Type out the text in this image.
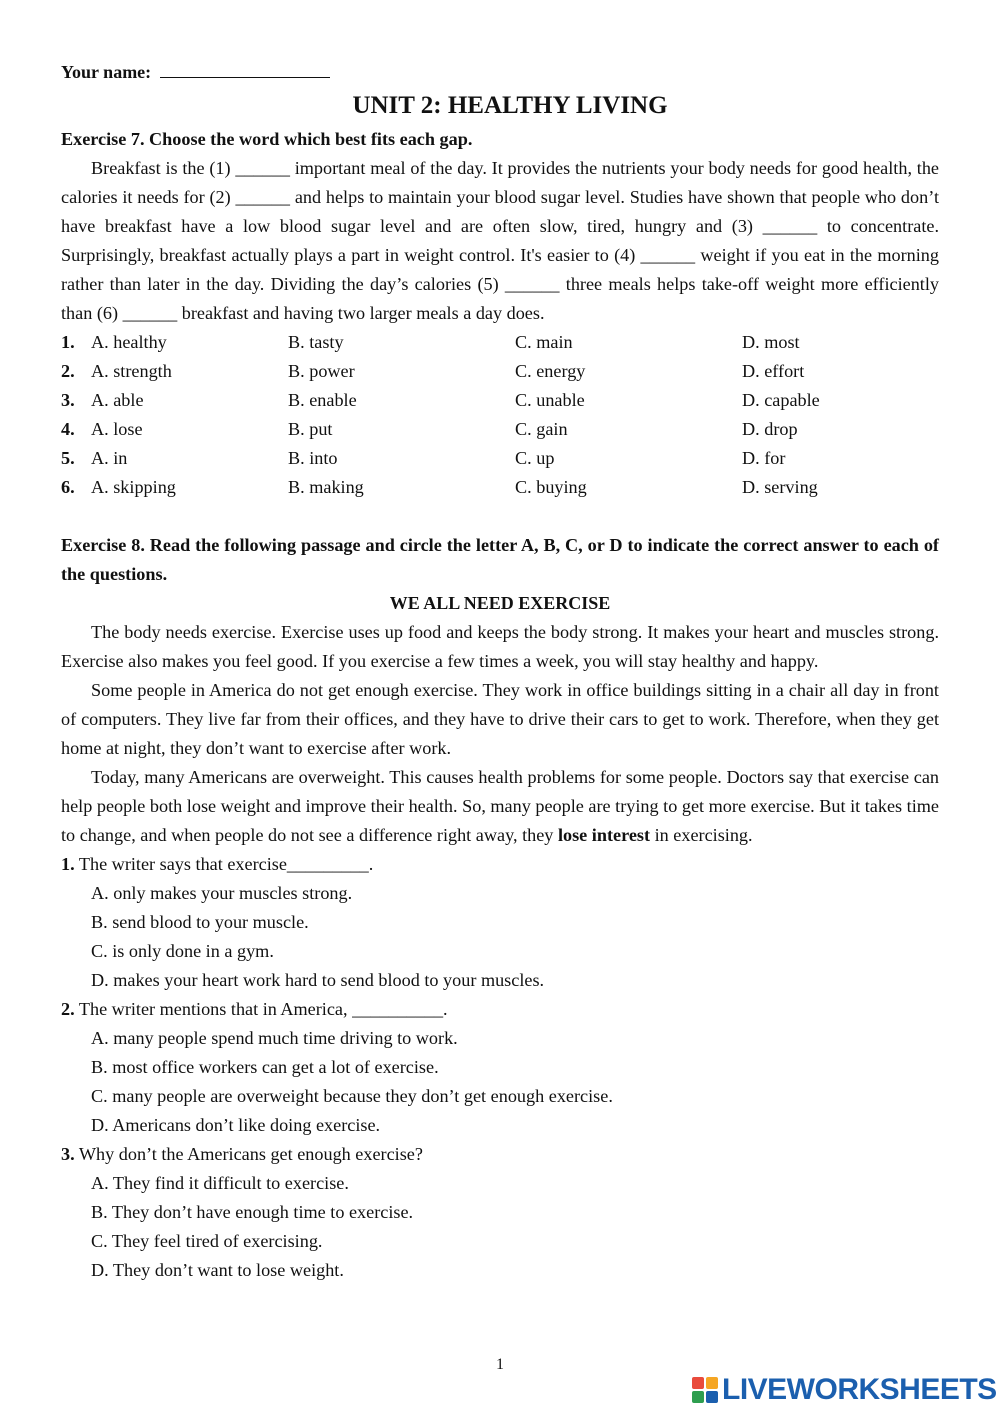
Your name:
UNIT 2: HEALTHY LIVING
Exercise 7. Choose the word which best fits each gap.
Breakfast is the (1) ______ important meal of the day. It provides the nutrients your body needs for good health, the calories it needs for (2) ______ and helps to maintain your blood sugar level. Studies have shown that people who don’t have breakfast have a low blood sugar level and are often slow, tired, hungry and (3) ______ to concentrate. Surprisingly, breakfast actually plays a part in weight control. It's easier to (4) ______ weight if you eat in the morning rather than later in the day. Dividing the day’s calories (5) ______ three meals helps take-off weight more efficiently than (6) ______ breakfast and having two larger meals a day does.
1. A. healthy	B. tasty	C. main	D. most
2. A. strength	B. power	C. energy	D. effort
3. A. able	B. enable	C. unable	D. capable
4. A. lose	B. put	C. gain	D. drop
5. A. in	B. into	C. up	D. for
6. A. skipping	B. making	C. buying	D. serving
Exercise 8. Read the following passage and circle the letter A, B, C, or D to indicate the correct answer to each of the questions.
WE ALL NEED EXERCISE
The body needs exercise. Exercise uses up food and keeps the body strong. It makes your heart and muscles strong. Exercise also makes you feel good. If you exercise a few times a week, you will stay healthy and happy.
Some people in America do not get enough exercise. They work in office buildings sitting in a chair all day in front of computers. They live far from their offices, and they have to drive their cars to get to work. Therefore, when they get home at night, they don’t want to exercise after work.
Today, many Americans are overweight. This causes health problems for some people. Doctors say that exercise can help people both lose weight and improve their health. So, many people are trying to get more exercise. But it takes time to change, and when people do not see a difference right away, they lose interest in exercising.
1. The writer says that exercise_________.
A. only makes your muscles strong.
B. send blood to your muscle.
C. is only done in a gym.
D. makes your heart work hard to send blood to your muscles.
2. The writer mentions that in America, __________.
A. many people spend much time driving to work.
B. most office workers can get a lot of exercise.
C. many people are overweight because they don’t get enough exercise.
D. Americans don’t like doing exercise.
3. Why don’t the Americans get enough exercise?
A. They find it difficult to exercise.
B. They don’t have enough time to exercise.
C. They feel tired of exercising.
D. They don’t want to lose weight.
1
LIVEWORKSHEETS
